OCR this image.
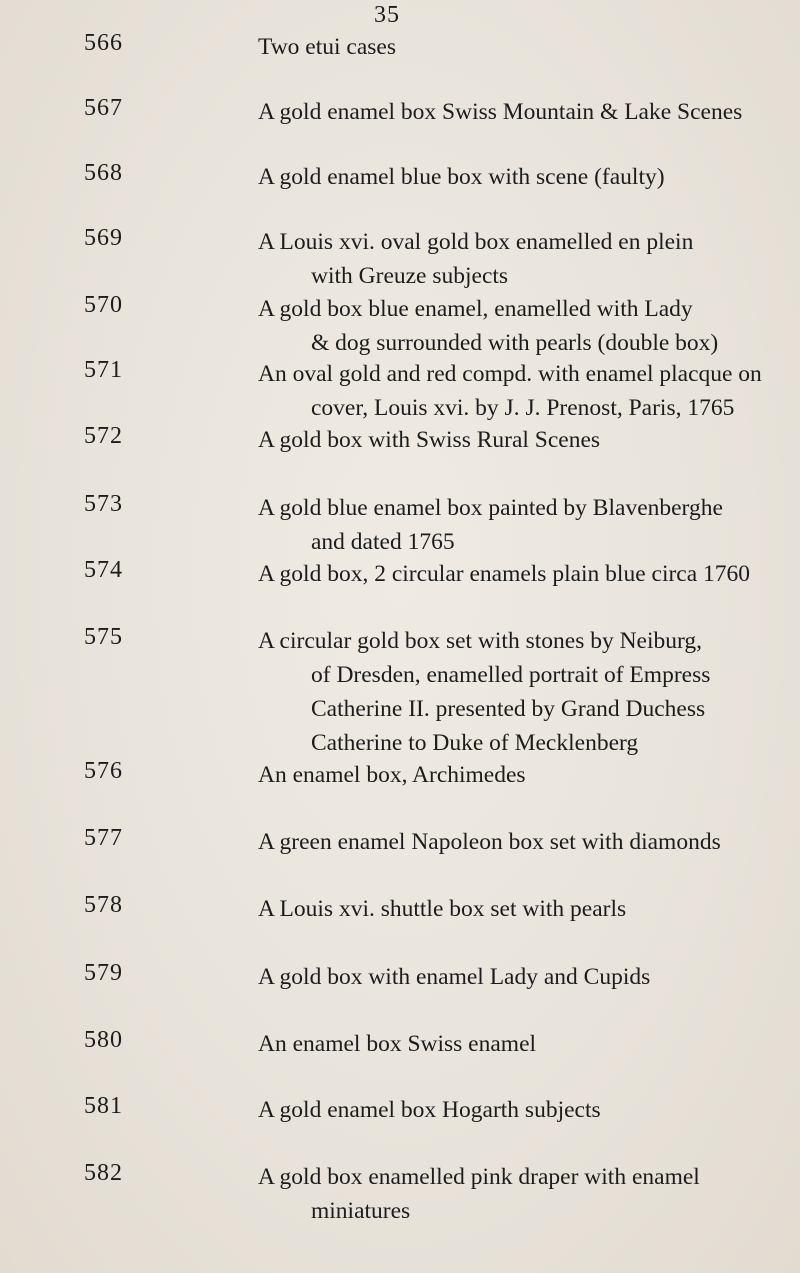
35
566	Two etui cases
567	A gold enamel box Swiss Mountain & Lake Scenes
568	A gold enamel blue box with scene (faulty)
569	A Louis xvi. oval gold box enamelled en plein
with Greuze subjects
570	A gold box blue enamel, enamelled with Lady
& dog surrounded with pearls (double box)
571	An oval gold and red compd. with enamel placque on
cover, Louis xvi. by J. J. Prenost, Paris, 1765
572	A gold box with Swiss Rural Scenes
573	A gold blue enamel box painted by Blavenberghe
and dated 1765
574	A gold box, 2 circular enamels plain blue circa 1760
575	A circular gold box set with stones by Neiburg,
of Dresden, enamelled portrait of Empress
Catherine II. presented by Grand Duchess
Catherine to Duke of Mecklenberg
576	An enamel box, Archimedes
577	A green enamel Napoleon box set with diamonds
578	A Louis xvi. shuttle box set with pearls
579	A gold box with enamel Lady and Cupids
580	An enamel box Swiss enamel
581	A gold enamel box Hogarth subjects
582	A gold box enamelled pink draper with enamel
miniatures
